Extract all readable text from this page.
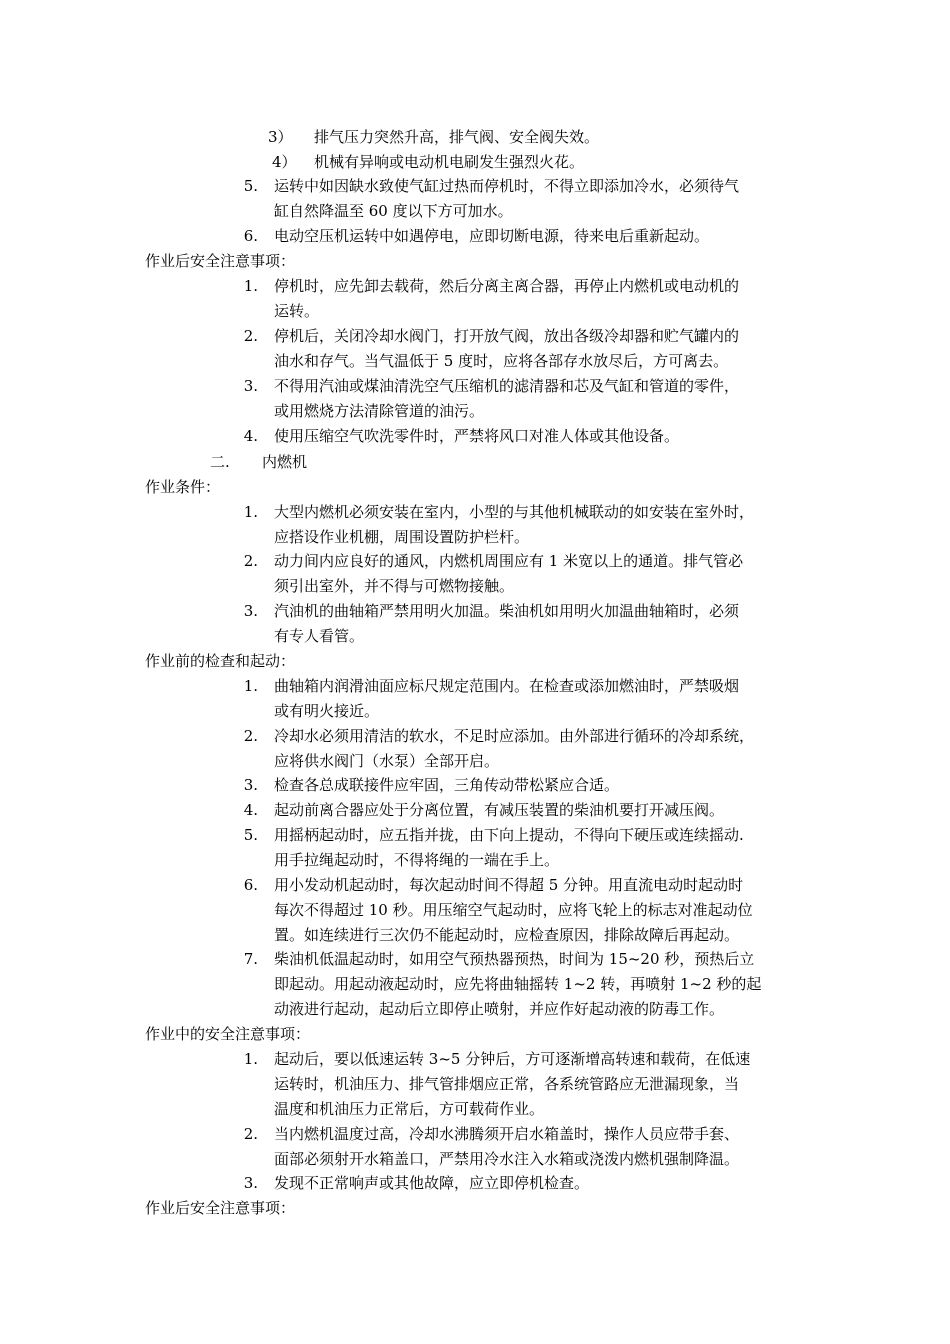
3）	排气压力突然升高，排气阀、安全阀失效。
4）	机械有异响或电动机电刷发生强烈火花。
5. 运转中如因缺水致使气缸过热而停机时，不得立即添加冷水，必须待气
缸自然降温至 60 度以下方可加水。
6. 电动空压机运转中如遇停电，应即切断电源，待来电后重新起动。
作业后安全注意事项：
1. 停机时，应先卸去载荷，然后分离主离合器，再停止内燃机或电动机的
运转。
2. 停机后，关闭冷却水阀门，打开放气阀，放出各级冷却器和贮气罐内的
油水和存气。当气温低于 5 度时，应将各部存水放尽后，方可离去。
3. 不得用汽油或煤油清洗空气压缩机的滤清器和芯及气缸和管道的零件，
或用燃烧方法清除管道的油污。
4. 使用压缩空气吹洗零件时，严禁将风口对准人体或其他设备。
二. 内燃机
作业条件：
1. 大型内燃机必须安装在室内，小型的与其他机械联动的如安装在室外时，
应搭设作业机棚，周围设置防护栏杆。
2. 动力间内应良好的通风，内燃机周围应有 1 米宽以上的通道。排气管必
须引出室外，并不得与可燃物接触。
3. 汽油机的曲轴箱严禁用明火加温。柴油机如用明火加温曲轴箱时，必须
有专人看管。
作业前的检查和起动：
1. 曲轴箱内润滑油面应标尺规定范围内。在检查或添加燃油时，严禁吸烟
或有明火接近。
2. 冷却水必须用清洁的软水，不足时应添加。由外部进行循环的冷却系统，
应将供水阀门（水泵）全部开启。
3. 检查各总成联接件应牢固，三角传动带松紧应合适。
4. 起动前离合器应处于分离位置，有减压装置的柴油机要打开减压阀。
5. 用摇柄起动时，应五指并拢，由下向上提动，不得向下硬压或连续摇动.
用手拉绳起动时，不得将绳的一端在手上。
6. 用小发动机起动时，每次起动时间不得超 5 分钟。用直流电动时起动时
每次不得超过 10 秒。用压缩空气起动时，应将飞轮上的标志对准起动位
置。如连续进行三次仍不能起动时，应检查原因，排除故障后再起动。
7. 柴油机低温起动时，如用空气预热器预热，时间为 15~20 秒，预热后立
即起动。用起动液起动时，应先将曲轴摇转 1~2 转，再喷射 1~2 秒的起
动液进行起动，起动后立即停止喷射，并应作好起动液的防毒工作。
作业中的安全注意事项：
1. 起动后，要以低速运转 3~5 分钟后，方可逐渐增高转速和载荷，在低速
运转时，机油压力、排气管排烟应正常，各系统管路应无泄漏现象，当
温度和机油压力正常后，方可载荷作业。
2. 当内燃机温度过高，冷却水沸腾须开启水箱盖时，操作人员应带手套、
面部必须射开水箱盖口，严禁用冷水注入水箱或浇泼内燃机强制降温。
3. 发现不正常响声或其他故障，应立即停机检查。
作业后安全注意事项：
